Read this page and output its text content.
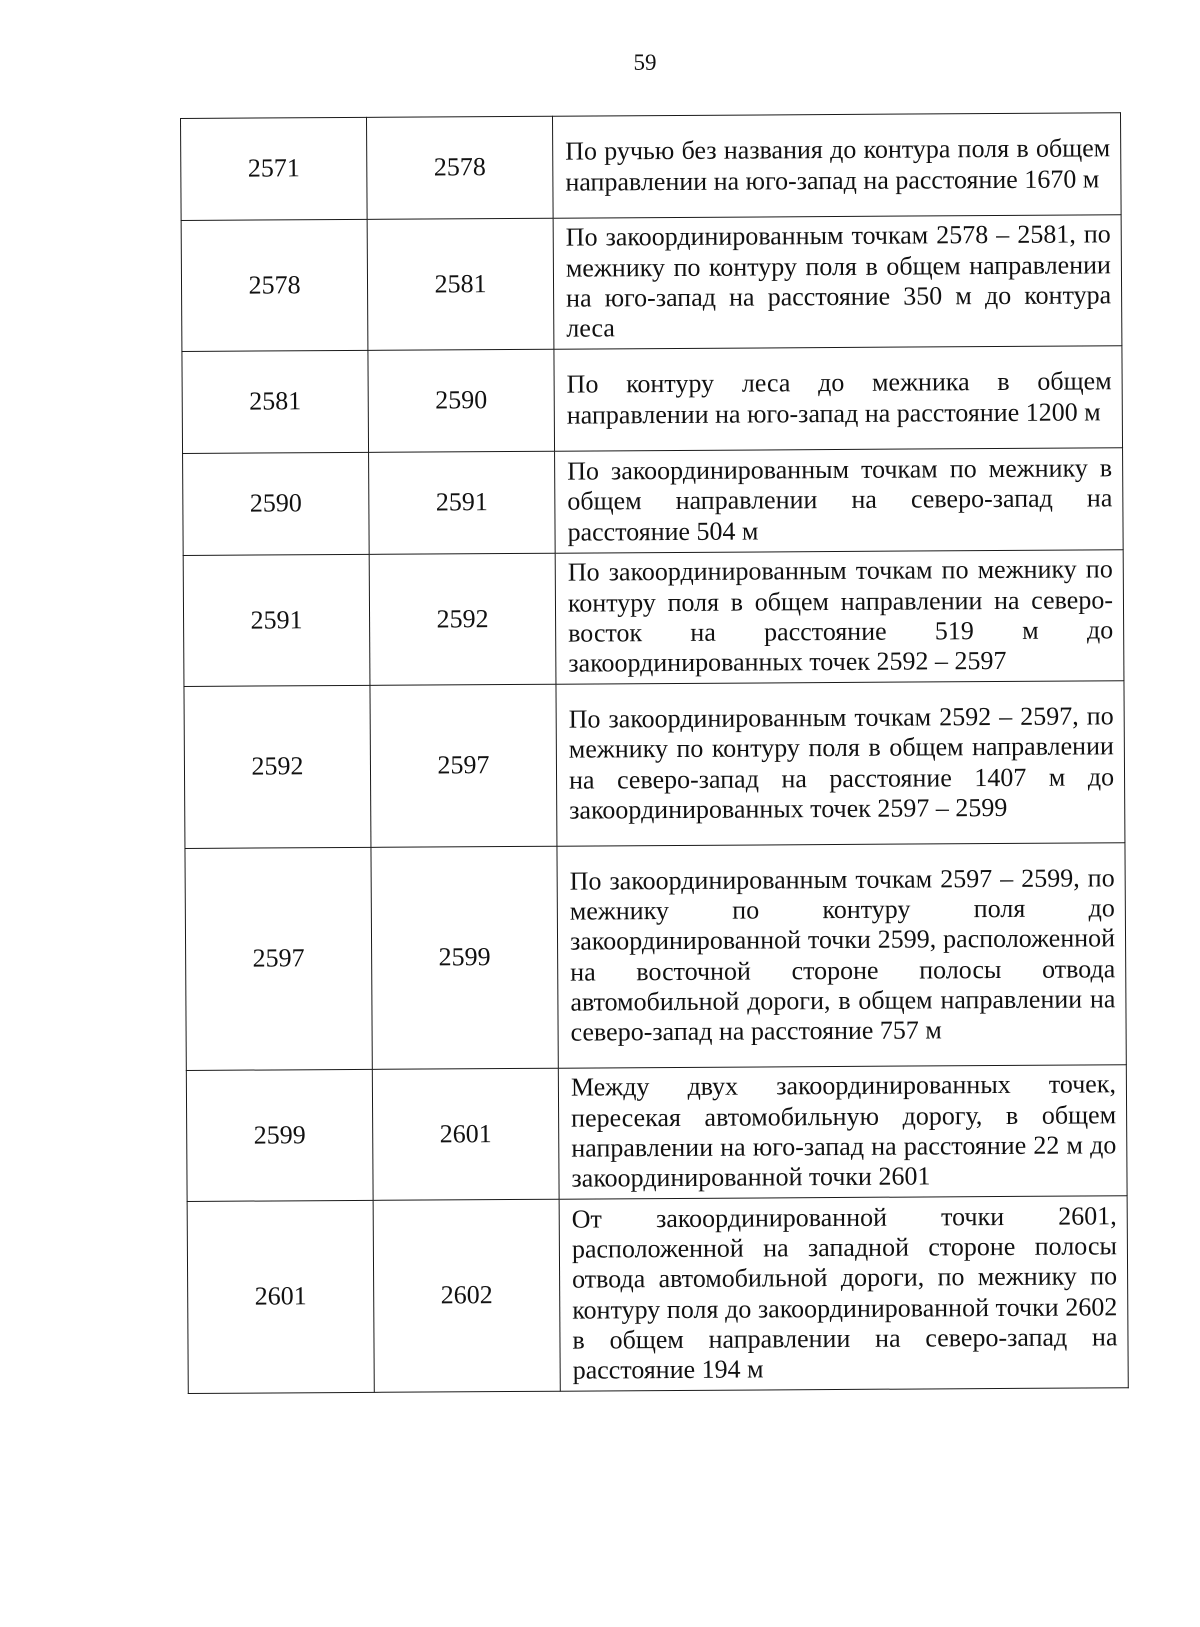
59
2571	2578	По ручью без названия до контура поля в общем направлении на юго-запад на расстояние 1670 м
2578	2581	По закоординированным точкам 2578 – 2581, по межнику по контуру поля в общем направлении на юго-запад на расстояние 350 м до контура леса
2581	2590	По контуру леса до межника в общем направлении на юго-запад на расстояние 1200 м
2590	2591	По закоординированным точкам по межнику в общем направлении на северо-запад на расстояние 504 м
2591	2592	По закоординированным точкам по межнику по контуру поля в общем направлении на северо-восток на расстояние 519 м до закоординированных точек 2592 – 2597
2592	2597	По закоординированным точкам 2592 – 2597, по межнику по контуру поля в общем направлении на северо-запад на расстояние 1407 м до закоординированных точек 2597 – 2599
2597	2599	По закоординированным точкам 2597 – 2599, по межнику по контуру поля до закоординированной точки 2599, расположенной на восточной стороне полосы отвода автомобильной дороги, в общем направлении на северо-запад на расстояние 757 м
2599	2601	Между двух закоординированных точек, пересекая автомобильную дорогу, в общем направлении на юго-запад на расстояние 22 м до закоординированной точки 2601
2601	2602	От закоординированной точки 2601, расположенной на западной стороне полосы отвода автомобильной дороги, по межнику по контуру поля до закоординированной точки 2602 в общем направлении на северо-запад на расстояние 194 м
